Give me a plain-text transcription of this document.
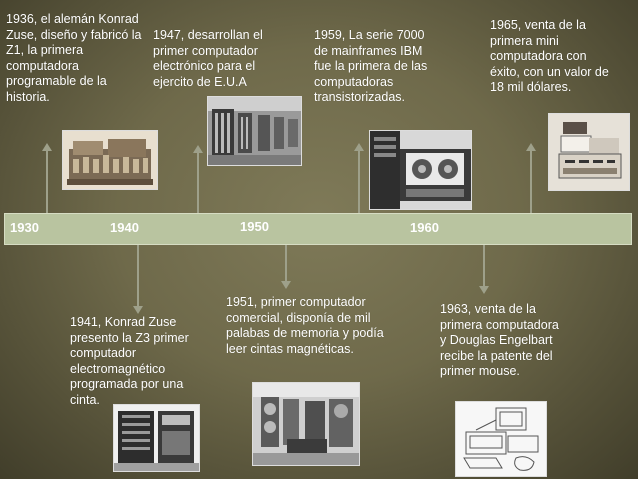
1930	1940	1950	1960
1936, el alemán Konrad Zuse, diseño y fabricó la Z1, la primera computadora programable de la historia.
1947, desarrollan el primer computador electrónico para el ejercito de E.U.A
1959, La serie 7000 de mainframes IBM fue la primera de las computadoras transistorizadas.
1965, venta de la primera mini computadora con éxito, con un valor de 18 mil dólares.
1941, Konrad Zuse presento la Z3 primer computador electromagnético programada por una cinta.
1951, primer computador comercial, disponía de mil palabas de memoria y podía leer cintas magnéticas.
1963, venta de la primera computadora y Douglas Engelbart recibe la patente del primer mouse.
